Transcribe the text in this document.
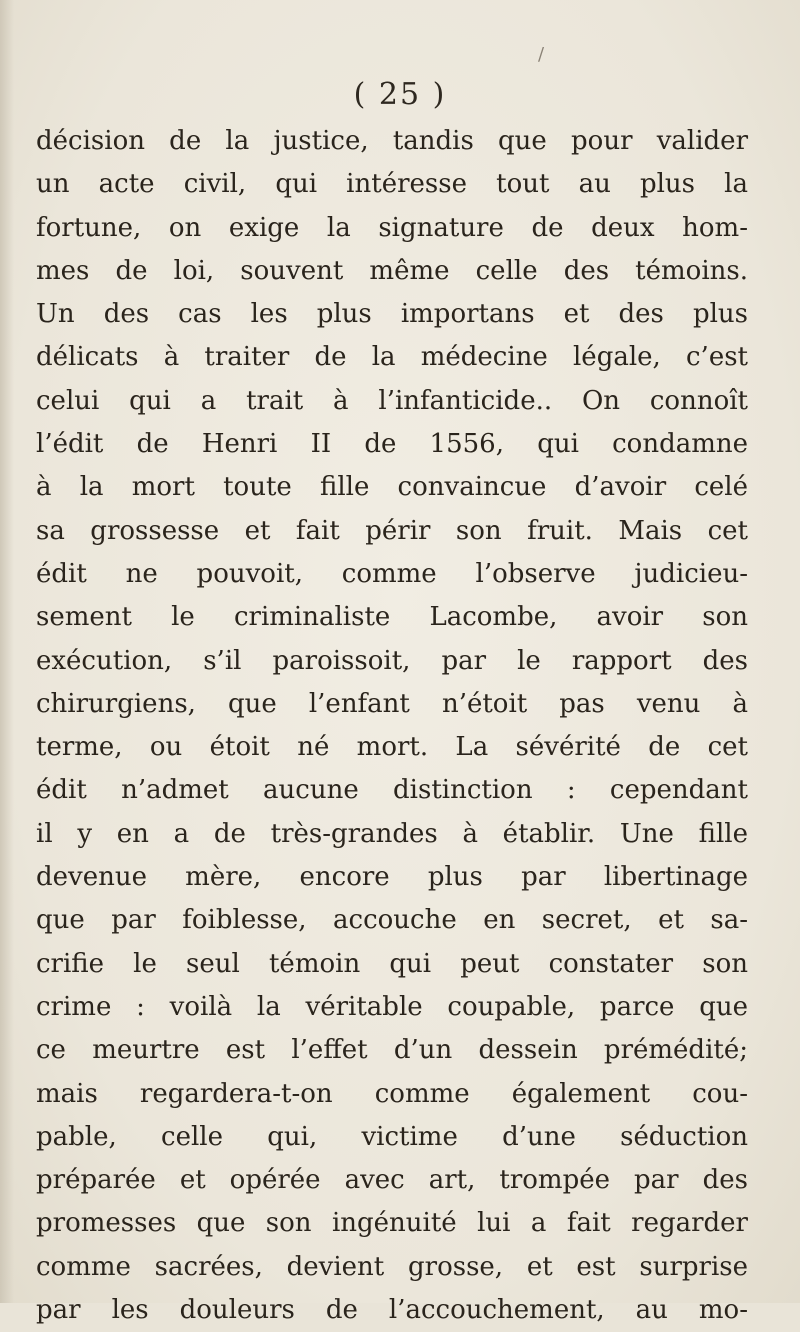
/
( 25 )
décision de la justice, tandis que pour valider
un acte civil, qui intéresse tout au plus la
fortune, on exige la signature de deux hom-
mes de loi, souvent même celle des témoins.
Un des cas les plus importans et des plus
délicats à traiter de la médecine légale, c’est
celui qui a trait à l’infanticide.. On connoît
l’édit de Henri II de 1556, qui condamne
à la mort toute fille convaincue d’avoir celé
sa grossesse et fait périr son fruit. Mais cet
édit ne pouvoit, comme l’observe judicieu-
sement le criminaliste Lacombe, avoir son
exécution, s’il paroissoit, par le rapport des
chirurgiens, que l’enfant n’étoit pas venu à
terme, ou étoit né mort. La sévérité de cet
édit n’admet aucune distinction : cependant
il y en a de très-grandes à établir. Une fille
devenue mère, encore plus par libertinage
que par foiblesse, accouche en secret, et sa-
crifie le seul témoin qui peut constater son
crime : voilà la véritable coupable, parce que
ce meurtre est l’effet d’un dessein prémédité;
mais regardera-t-on comme également cou-
pable, celle qui, victime d’une séduction
préparée et opérée avec art, trompée par des
promesses que son ingénuité lui a fait regarder
comme sacrées, devient grosse, et est surprise
par les douleurs de l’accouchement, au mo-
